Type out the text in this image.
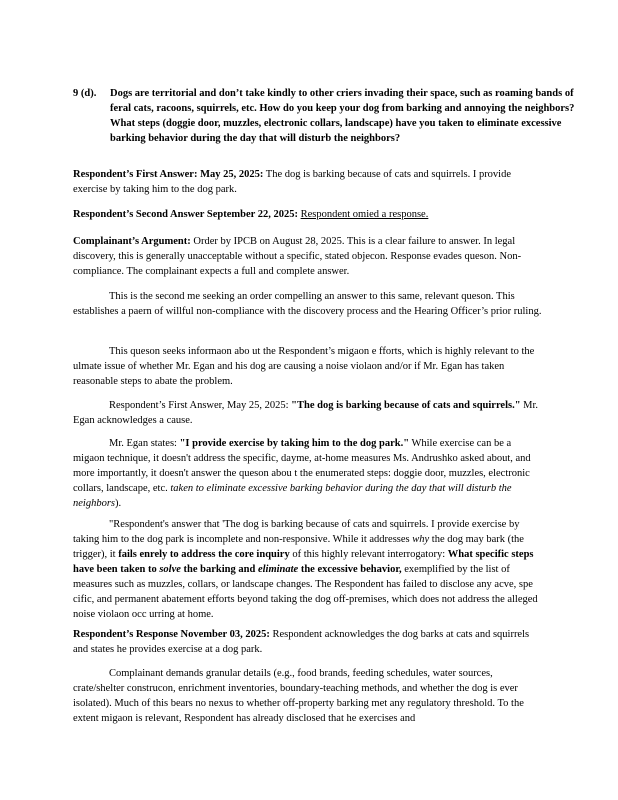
9 (d). Dogs are territorial and don’t take kindly to other criers invading their space, such as roaming bands of feral cats, racoons, squirrels, etc. How do you keep your dog from barking and annoying the neighbors? What steps (doggie door, muzzles, electronic collars, landscape) have you taken to eliminate excessive barking behavior during the day that will disturb the neighbors?
Respondent’s First Answer: May 25, 2025: The dog is barking because of cats and squirrels. I provide exercise by taking him to the dog park.
Respondent’s Second Answer September 22, 2025: Respondent omied a response.
Complainant’s Argument: Order by IPCB on August 28, 2025. This is a clear failure to answer. In legal discovery, this is generally unacceptable without a specific, stated objecon. Response evades queson. Non-compliance. The complainant expects a full and complete answer.
This is the second me seeking an order compelling an answer to this same, relevant queson. This establishes a paern of willful non-compliance with the discovery process and the Hearing Officer’s prior ruling.
This queson seeks informaon abo ut the Respondent’s migaon e fforts, which is highly relevant to the ulmate issue of whether Mr. Egan and his dog are causing a noise violaon and/or if Mr. Egan has taken reasonable steps to abate the problem.
Respondent’s First Answer, May 25, 2025: "The dog is barking because of cats and squirrels." Mr. Egan acknowledges a cause.
Mr. Egan states: "I provide exercise by taking him to the dog park." While exercise can be a migaon technique, it doesn't address the specific, dayme, at-home measures Ms. Andrushko asked about, and more importantly, it doesn't answer the queson abou t the enumerated steps: doggie door, muzzles, electronic collars, landscape, etc. taken to eliminate excessive barking behavior during the day that will disturb the neighbors).
"Respondent's answer that 'The dog is barking because of cats and squirrels. I provide exercise by taking him to the dog park is incomplete and non-responsive. While it addresses why the dog may bark (the trigger), it fails enrely to address the core inquiry of this highly relevant interrogatory: What specific steps have been taken to solve the barking and eliminate the excessive behavior, exemplified by the list of measures such as muzzles, collars, or landscape changes. The Respondent has failed to disclose any acve, spe cific, and permanent abatement efforts beyond taking the dog off-premises, which does not address the alleged noise violaon occ urring at home.
Respondent’s Response November 03, 2025: Respondent acknowledges the dog barks at cats and squirrels and states he provides exercise at a dog park.
Complainant demands granular details (e.g., food brands, feeding schedules, water sources, crate/shelter construcon, enrichment inventories, boundary-teaching methods, and whether the dog is ever isolated). Much of this bears no nexus to whether off-property barking met any regulatory threshold. To the extent migaon is relevant, Respondent has already disclosed that he exercises and
